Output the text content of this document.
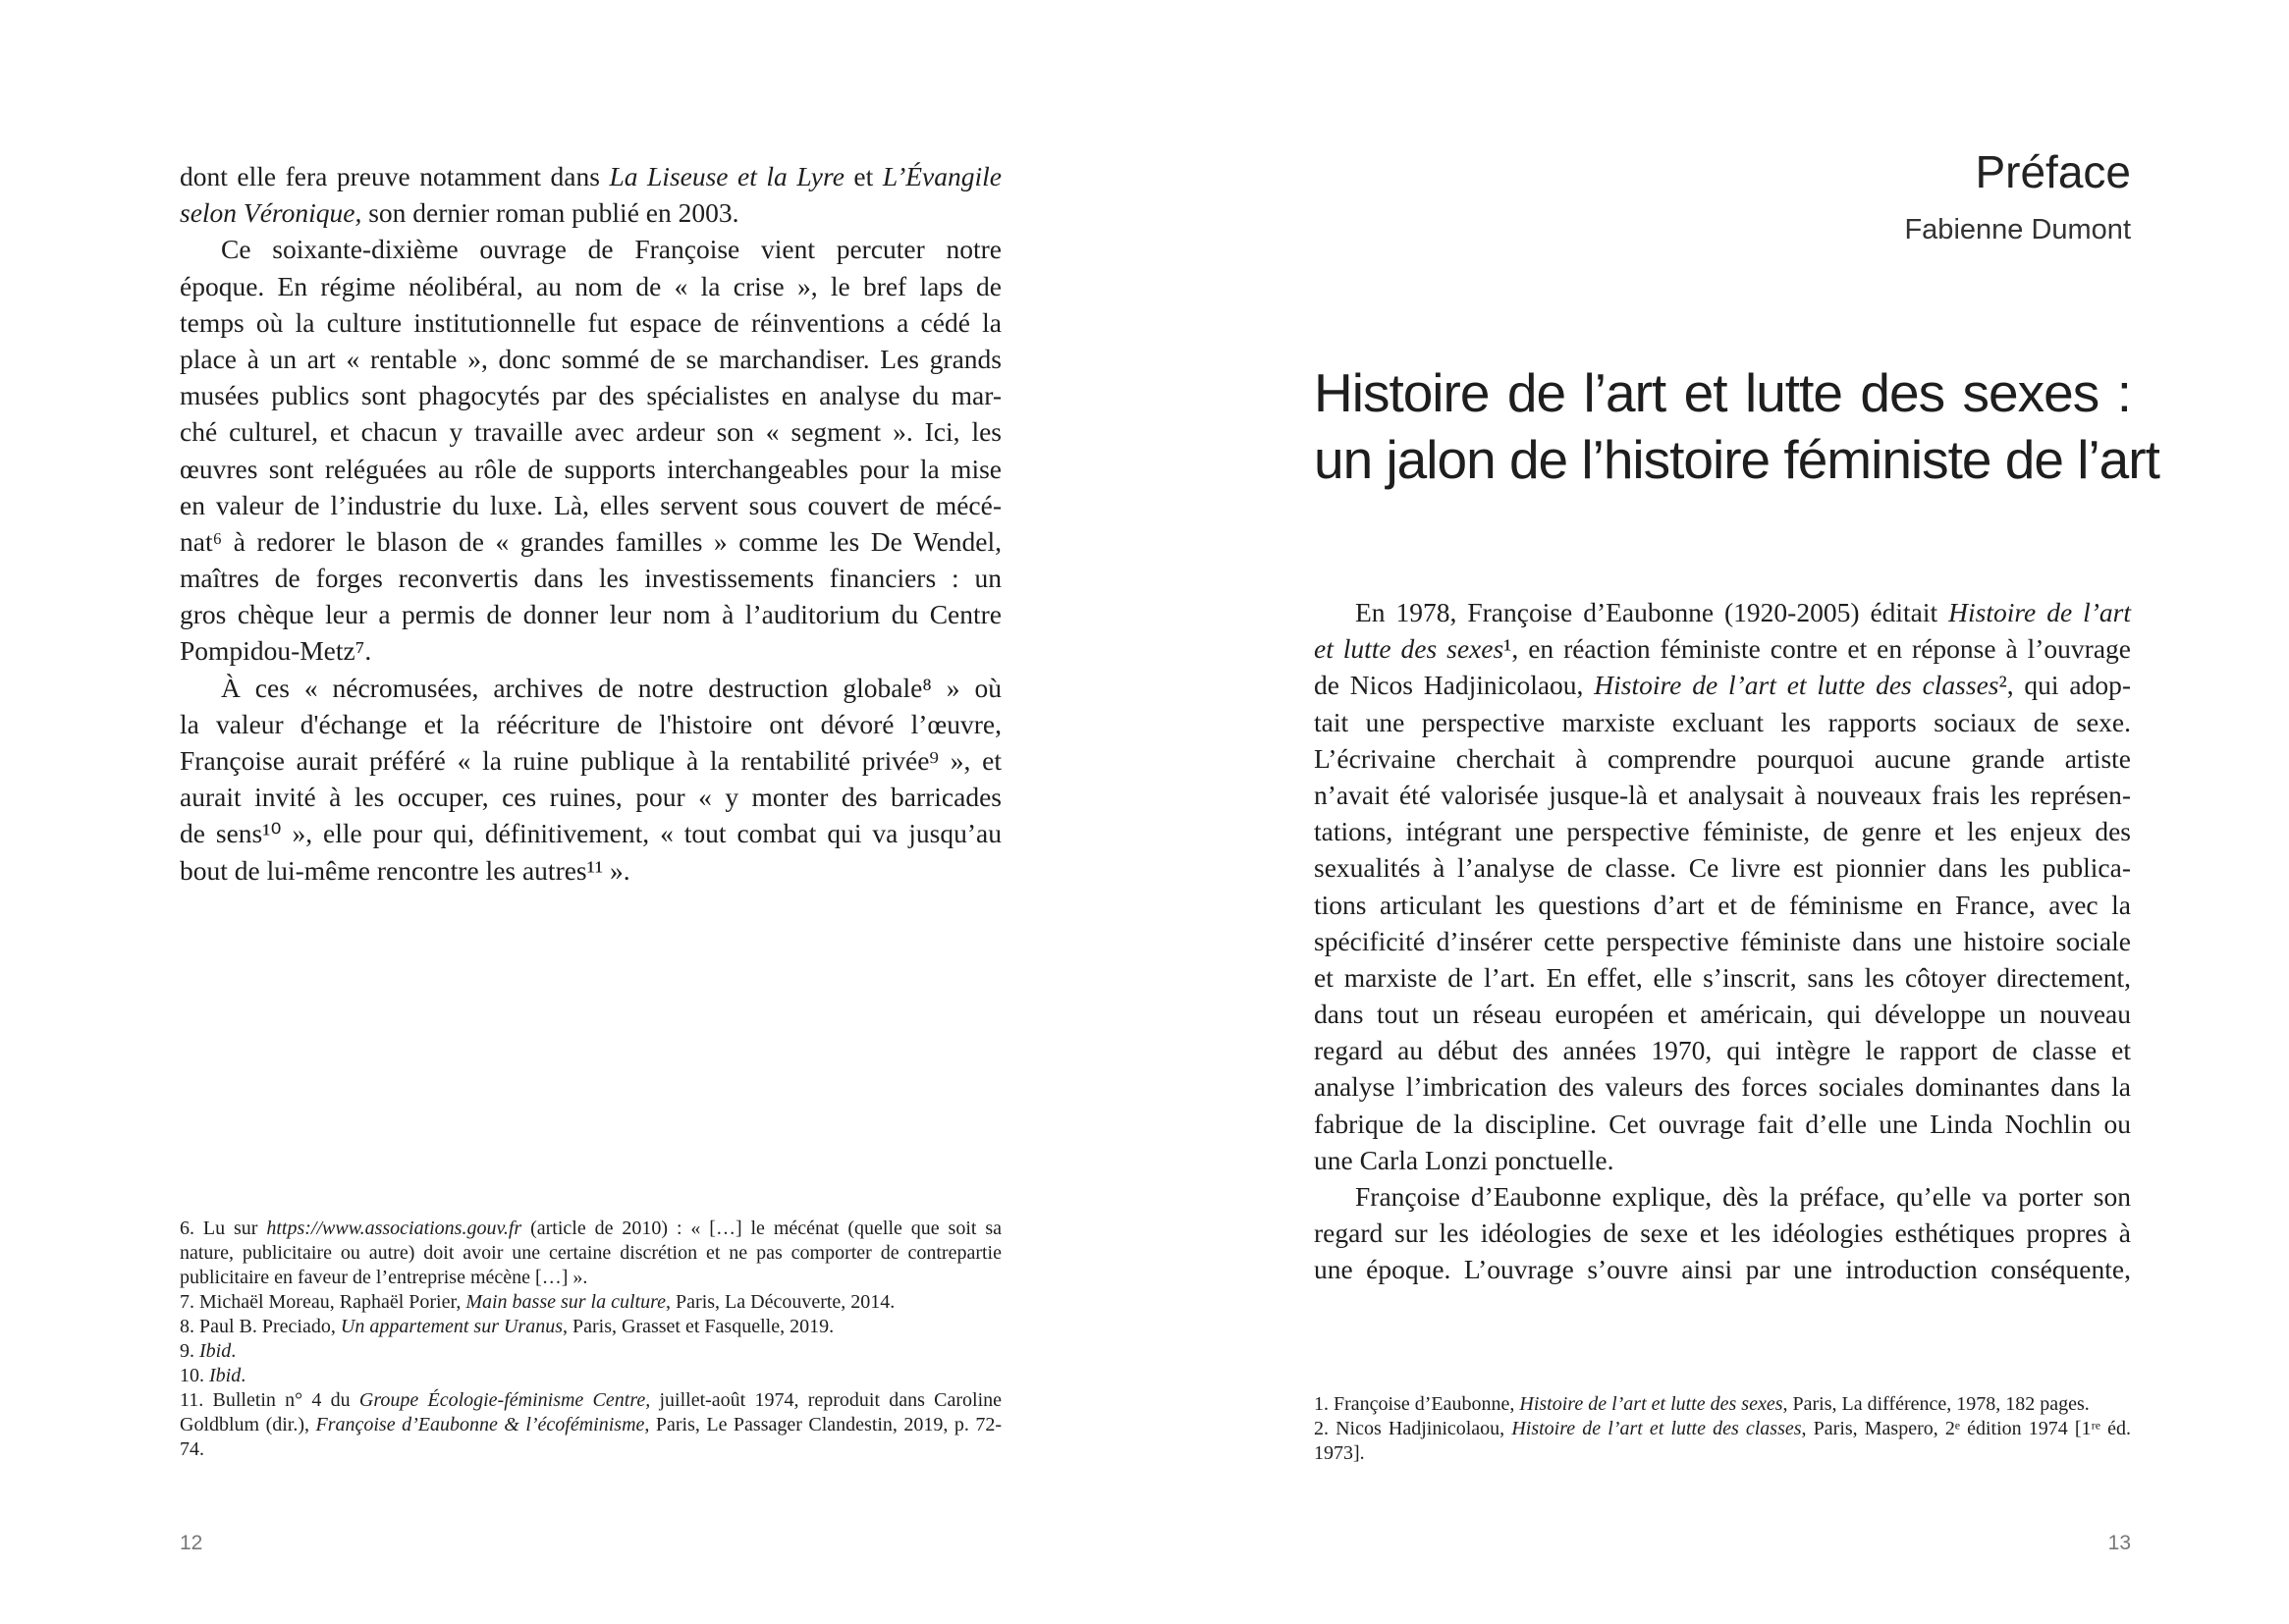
dont elle fera preuve notamment dans La Liseuse et la Lyre et L’Évangile
selon Véronique, son dernier roman publié en 2003.
Ce soixante-dixième ouvrage de Françoise vient percuter notre
époque. En régime néolibéral, au nom de « la crise », le bref laps de
temps où la culture institutionnelle fut espace de réinventions a cédé la
place à un art « rentable », donc sommé de se marchandiser. Les grands
musées publics sont phagocytés par des spécialistes en analyse du mar-
ché culturel, et chacun y travaille avec ardeur son « segment ». Ici, les
œuvres sont reléguées au rôle de supports interchangeables pour la mise
en valeur de l’industrie du luxe. Là, elles servent sous couvert de mécé-
nat⁶ à redorer le blason de « grandes familles » comme les De Wendel,
maîtres de forges reconvertis dans les investissements financiers : un
gros chèque leur a permis de donner leur nom à l’auditorium du Centre
Pompidou-Metz⁷.
À ces « nécromusées, archives de notre destruction globale⁸ » où
la valeur d'échange et la réécriture de l'histoire ont dévoré l’œuvre,
Françoise aurait préféré « la ruine publique à la rentabilité privée⁹ », et
aurait invité à les occuper, ces ruines, pour « y monter des barricades
de sens¹⁰ », elle pour qui, définitivement, « tout combat qui va jusqu’au
bout de lui-même rencontre les autres¹¹ ».

6. Lu sur https://www.associations.gouv.fr (article de 2010) : « […] le mécénat (quelle que soit sa nature, publicitaire ou autre) doit avoir une certaine discrétion et ne pas comporter de contrepartie publicitaire en faveur de l’entreprise mécène […] ».

7. Michaël Moreau, Raphaël Porier, Main basse sur la culture, Paris, La Découverte, 2014.

8. Paul B. Preciado, Un appartement sur Uranus, Paris, Grasset et Fasquelle, 2019.

9. Ibid.

10. Ibid.

11. Bulletin n° 4 du Groupe Écologie-féminisme Centre, juillet-août 1974, reproduit dans Caroline Goldblum (dir.), Françoise d’Eaubonne & l’écoféminisme, Paris, Le Passager Clandestin, 2019, p. 72-74.

12
Préface
Fabienne Dumont
Histoire de l’art et lutte des sexes :
un jalon de l’histoire féministe de l’art
En 1978, Françoise d’Eaubonne (1920-2005) éditait Histoire de l’art
et lutte des sexes¹, en réaction féministe contre et en réponse à l’ouvrage
de Nicos Hadjinicolaou, Histoire de l’art et lutte des classes², qui adop-
tait une perspective marxiste excluant les rapports sociaux de sexe.
L’écrivaine cherchait à comprendre pourquoi aucune grande artiste
n’avait été valorisée jusque-là et analysait à nouveaux frais les représen-
tations, intégrant une perspective féministe, de genre et les enjeux des
sexualités à l’analyse de classe. Ce livre est pionnier dans les publica-
tions articulant les questions d’art et de féminisme en France, avec la
spécificité d’insérer cette perspective féministe dans une histoire sociale
et marxiste de l’art. En effet, elle s’inscrit, sans les côtoyer directement,
dans tout un réseau européen et américain, qui développe un nouveau
regard au début des années 1970, qui intègre le rapport de classe et
analyse l’imbrication des valeurs des forces sociales dominantes dans la
fabrique de la discipline. Cet ouvrage fait d’elle une Linda Nochlin ou
une Carla Lonzi ponctuelle.
Françoise d’Eaubonne explique, dès la préface, qu’elle va porter son
regard sur les idéologies de sexe et les idéologies esthétiques propres à
une époque. L’ouvrage s’ouvre ainsi par une introduction conséquente,

1. Françoise d’Eaubonne, Histoire de l’art et lutte des sexes, Paris, La différence, 1978, 182 pages.

2. Nicos Hadjinicolaou, Histoire de l’art et lutte des classes, Paris, Maspero, 2ᵉ édition 1974 [1ʳᵉ éd. 1973].

13
